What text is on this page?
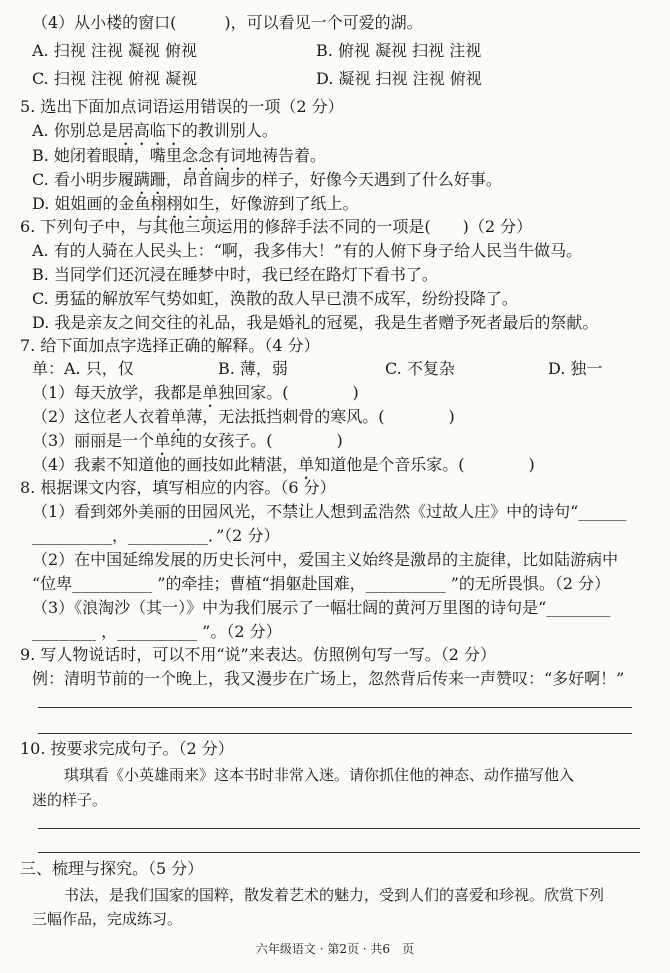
（4）从小楼的窗口(　　　)，可以看见一个可爱的湖。
A. 扫视 注视 凝视 俯视	B. 俯视 凝视 扫视 注视
C. 扫视 注视 俯视 凝视	D. 凝视 扫视 注视 俯视
5. 选出下面加点词语运用错误的一项（2 分）
A. 你别总是居高临下的教训别人。
B. 她闭着眼睛，嘴里念念有词地祷告着。
C. 看小明步履蹒跚，昂首阔步的样子，好像今天遇到了什么好事。
D. 姐姐画的金鱼栩栩如生，好像游到了纸上。
6. 下列句子中，与其他三项运用的修辞手法不同的一项是(　　)（2 分）
A. 有的人骑在人民头上：“啊，我多伟大！”有的人俯下身子给人民当牛做马。
B. 当同学们还沉浸在睡梦中时，我已经在路灯下看书了。
C. 勇猛的解放军气势如虹，涣散的敌人早已溃不成军，纷纷投降了。
D. 我是亲友之间交往的礼品，我是婚礼的冠冕，我是生者赠予死者最后的祭献。
7. 给下面加点字选择正确的解释。（4 分）
单：A. 只，仅	B. 薄，弱	C. 不复杂	D. 独一
（1）每天放学，我都是单独回家。(　　　　)
（2）这位老人衣着单薄，无法抵挡刺骨的寒风。(　　　　)
（3）丽丽是一个单纯的女孩子。(　　　　)
（4）我素不知道他的画技如此精湛，单知道他是个音乐家。(　　　　)
8. 根据课文内容，填写相应的内容。（6 分）
（1）看到郊外美丽的田园风光，不禁让人想到孟浩然《过故人庄》中的诗句“______
__________，__________．”（2 分）
（2）在中国延绵发展的历史长河中，爱国主义始终是激昂的主旋律，比如陆游病中
“位卑__________ ”的牵挂；曹植“捐躯赴国难，__________ ”的无所畏惧。（2 分）
（3）《浪淘沙（其一）》中为我们展示了一幅壮阔的黄河万里图的诗句是“________
________ ，__________ ”。（2 分）
9. 写人物说话时，可以不用“说”来表达。仿照例句写一写。（2 分）
例：清明节前的一个晚上，我又漫步在广场上，忽然背后传来一声赞叹：“多好啊！”
10. 按要求完成句子。（2 分）
琪琪看《小英雄雨来》这本书时非常入迷。请你抓住他的神态、动作描写他入
迷的样子。
三、梳理与探究。（5 分）
书法，是我们国家的国粹，散发着艺术的魅力，受到人们的喜爱和珍视。欣赏下列
三幅作品，完成练习。
六年级语文 · 第2页 · 共6　页
